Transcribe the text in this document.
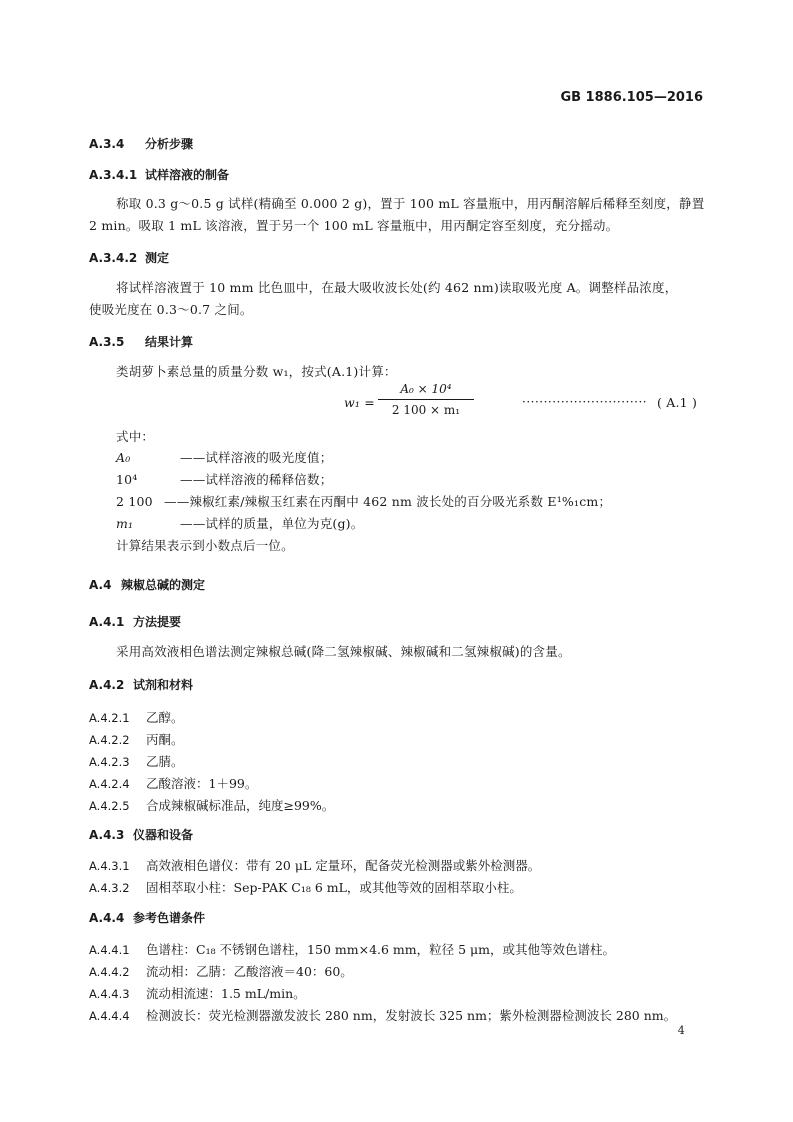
GB 1886.105—2016
A.3.4 分析步骤
A.3.4.1 试样溶液的制备
称取 0.3 g～0.5 g 试样(精确至 0.000 2 g)，置于 100 mL 容量瓶中，用丙酮溶解后稀释至刻度，静置
2 min。吸取 1 mL 该溶液，置于另一个 100 mL 容量瓶中，用丙酮定容至刻度，充分摇动。
A.3.4.2 测定
将试样溶液置于 10 mm 比色皿中，在最大吸收波长处(约 462 nm)读取吸光度 A。调整样品浓度，
使吸光度在 0.3～0.7 之间。
A.3.5 结果计算
类胡萝卜素总量的质量分数 w₁，按式(A.1)计算：
w₁ =
A₀ × 10⁴
2 100 × m₁
····························· ( A.1 )
式中：
A₀	——试样溶液的吸光度值；
10⁴	——试样溶液的稀释倍数；
2 100 ——辣椒红素/辣椒玉红素在丙酮中 462 nm 波长处的百分吸光系数 E¹%₁cm；
m₁	——试样的质量，单位为克(g)。
计算结果表示到小数点后一位。
A.4 辣椒总碱的测定
A.4.1 方法提要
采用高效液相色谱法测定辣椒总碱(降二氢辣椒碱、辣椒碱和二氢辣椒碱)的含量。
A.4.2 试剂和材料
A.4.2.1 乙醇。
A.4.2.2 丙酮。
A.4.2.3 乙腈。
A.4.2.4 乙酸溶液：1＋99。
A.4.2.5 合成辣椒碱标准品，纯度≥99%。
A.4.3 仪器和设备
A.4.3.1 高效液相色谱仪：带有 20 μL 定量环，配备荧光检测器或紫外检测器。
A.4.3.2 固相萃取小柱：Sep-PAK C₁₈ 6 mL，或其他等效的固相萃取小柱。
A.4.4 参考色谱条件
A.4.4.1 色谱柱：C₁₈ 不锈钢色谱柱，150 mm×4.6 mm，粒径 5 μm，或其他等效色谱柱。
A.4.4.2 流动相：乙腈：乙酸溶液＝40：60。
A.4.4.3 流动相流速：1.5 mL/min。
A.4.4.4 检测波长：荧光检测器激发波长 280 nm，发射波长 325 nm；紫外检测器检测波长 280 nm。
4
